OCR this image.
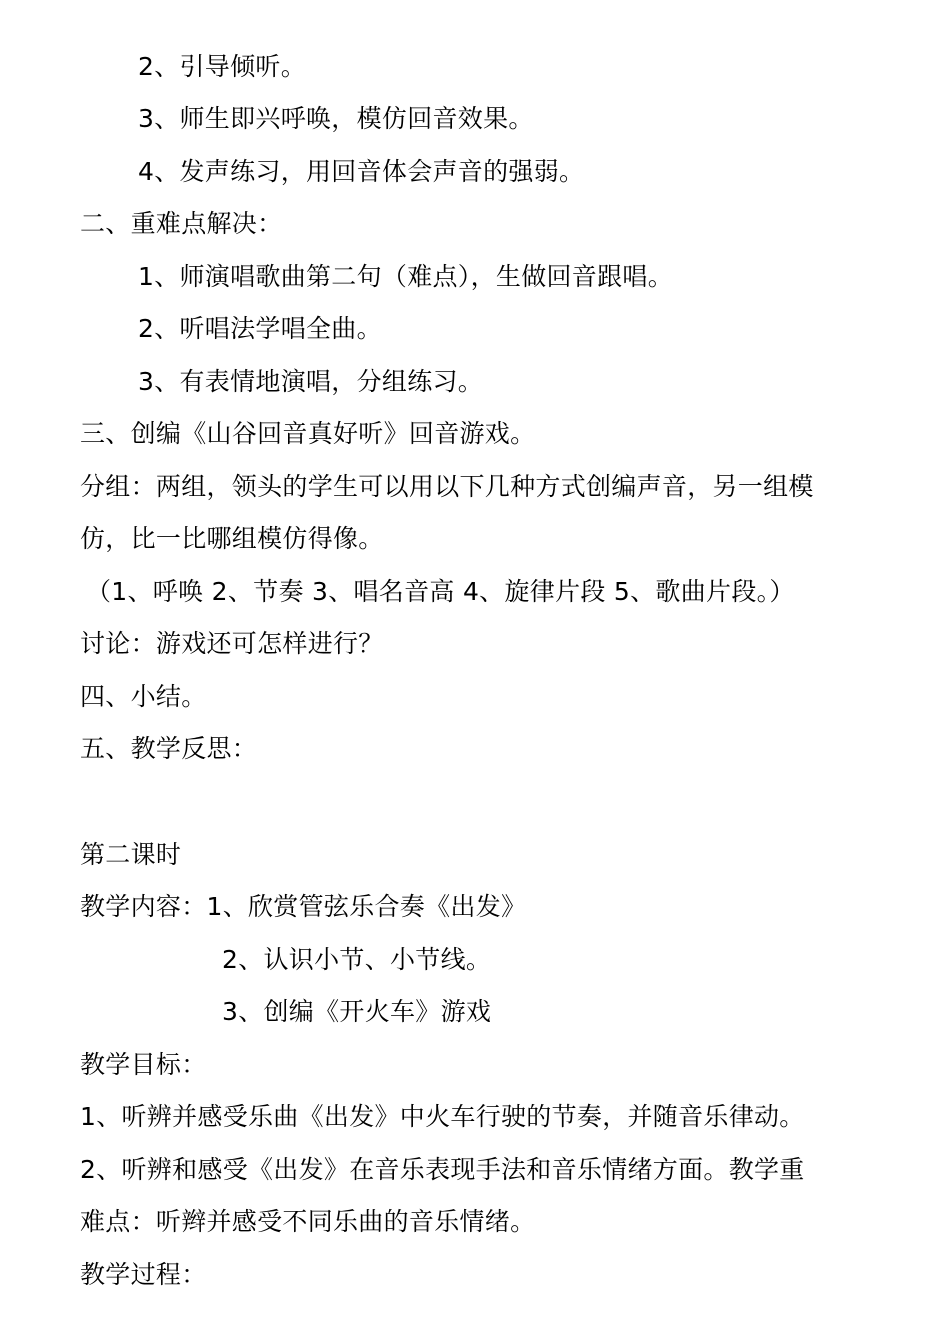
2、引导倾听。
3、师生即兴呼唤，模仿回音效果。
4、发声练习，用回音体会声音的强弱。
二、重难点解决：
1、师演唱歌曲第二句（难点），生做回音跟唱。
2、听唱法学唱全曲。
3、有表情地演唱，分组练习。
三、创编《山谷回音真好听》回音游戏。
分组：两组，领头的学生可以用以下几种方式创编声音，另一组模
仿，比一比哪组模仿得像。
（1、呼唤 2、节奏 3、唱名音高 4、旋律片段 5、歌曲片段。）
讨论：游戏还可怎样进行？
四、小结。
五、教学反思：
第二课时
教学内容：1、欣赏管弦乐合奏《出发》
2、认识小节、小节线。
3、创编《开火车》游戏
教学目标：
1、听辨并感受乐曲《出发》中火车行驶的节奏，并随音乐律动。
2、听辨和感受《出发》在音乐表现手法和音乐情绪方面。教学重
难点：听辫并感受不同乐曲的音乐情绪。
教学过程：
